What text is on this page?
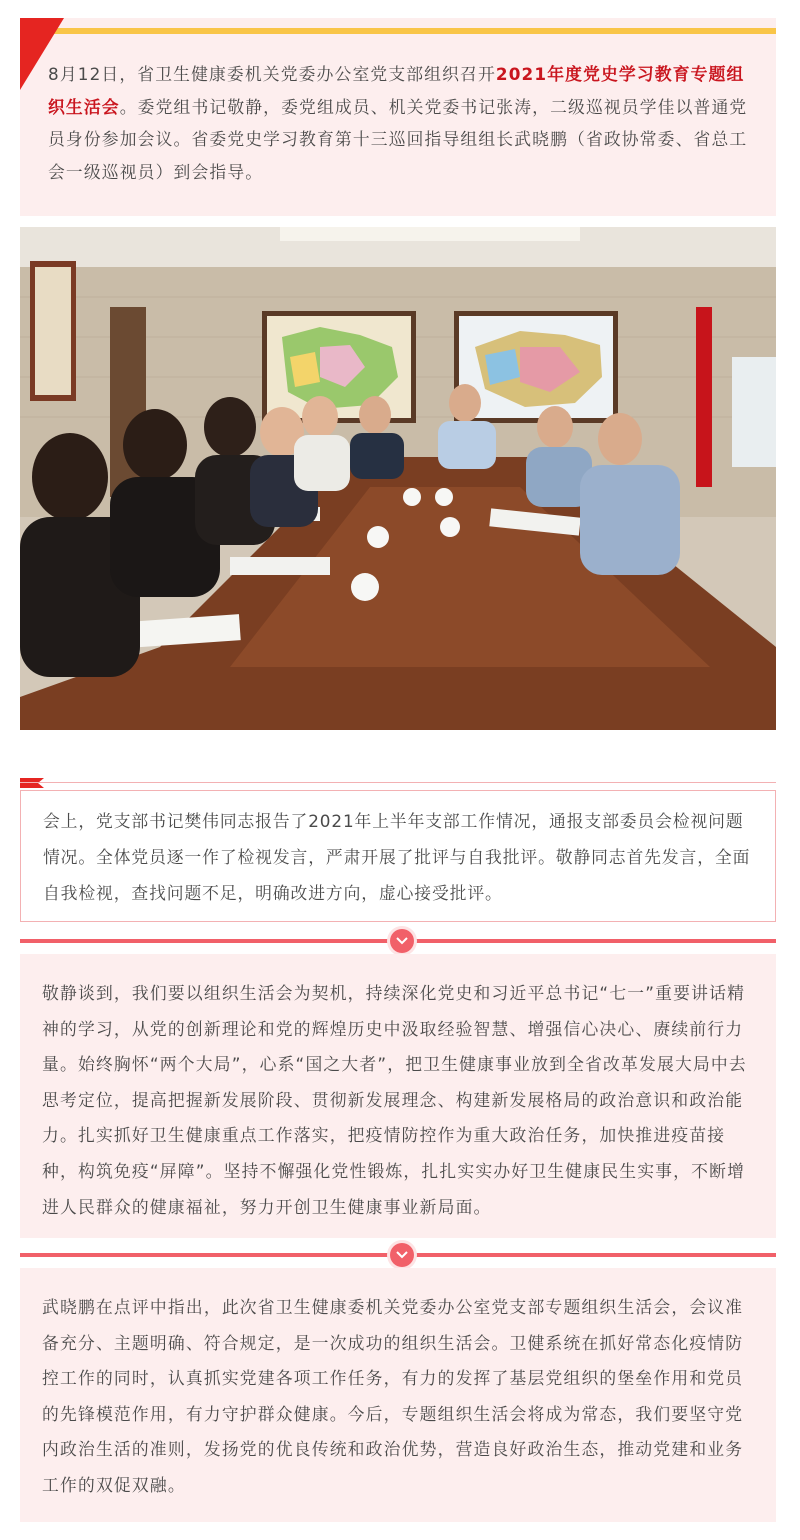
8月12日，省卫生健康委机关党委办公室党支部组织召开2021年度党史学习教育专题组织生活会。委党组书记敬静，委党组成员、机关党委书记张涛，二级巡视员学佳以普通党员身份参加会议。省委党史学习教育第十三巡回指导组组长武晓鹏（省政协常委、省总工会一级巡视员）到会指导。

会上，党支部书记樊伟同志报告了2021年上半年支部工作情况，通报支部委员会检视问题情况。全体党员逐一作了检视发言，严肃开展了批评与自我批评。敬静同志首先发言，全面自我检视，查找问题不足，明确改进方向，虚心接受批评。

敬静谈到，我们要以组织生活会为契机，持续深化党史和习近平总书记“七一”重要讲话精神的学习，从党的创新理论和党的辉煌历史中汲取经验智慧、增强信心决心、赓续前行力量。始终胸怀“两个大局”，心系“国之大者”，把卫生健康事业放到全省改革发展大局中去思考定位，提高把握新发展阶段、贯彻新发展理念、构建新发展格局的政治意识和政治能力。扎实抓好卫生健康重点工作落实，把疫情防控作为重大政治任务，加快推进疫苗接种，构筑免疫“屏障”。坚持不懈强化党性锻炼，扎扎实实办好卫生健康民生实事，不断增进人民群众的健康福祉，努力开创卫生健康事业新局面。

武晓鹏在点评中指出，此次省卫生健康委机关党委办公室党支部专题组织生活会，会议准备充分、主题明确、符合规定，是一次成功的组织生活会。卫健系统在抓好常态化疫情防控工作的同时，认真抓实党建各项工作任务，有力的发挥了基层党组织的堡垒作用和党员的先锋模范作用，有力守护群众健康。今后，专题组织生活会将成为常态，我们要坚守党内政治生活的准则，发扬党的优良传统和政治优势，营造良好政治生态，推动党建和业务工作的双促双融。
